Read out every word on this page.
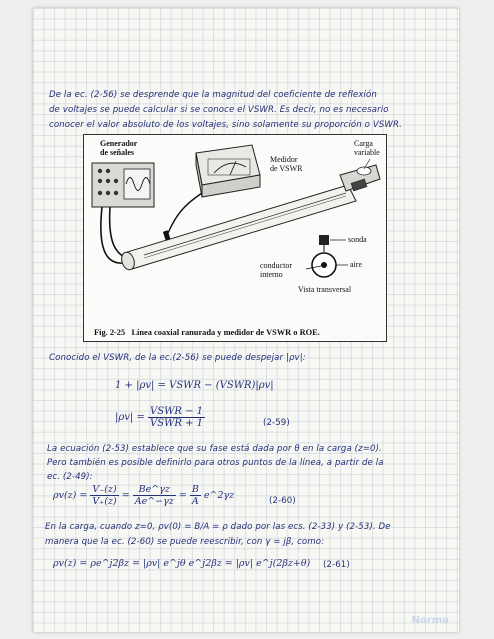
De la ec. (2-56) se desprende que la magnitud del coeficiente de reflexión
de voltajes se puede calcular si se conoce el VSWR. Es decir, no es necesario
conocer el valor absoluto de los voltajes, sino solamente su proporción o VSWR.
Generador
de señales
Medidor
de VSWR
Carga
variable
sonda
aire
conductor
interno
Vista transversal
Fig. 2-25 Línea coaxial ranurada y medidor de VSWR o ROE.
Conocido el VSWR, de la ec.(2-56) se puede despejar |ρv|:
1 + |ρv| = VSWR − (VSWR)|ρv|
$|\rho v| = \frac{\text{VSWR − 1}}{\text{VSWR + 1}}$	(2-59)
La ecuación (2-53) establece que su fase está dada por θ en la carga (z=0).
Pero también es posible definirlo para otros puntos de la línea, a partir de la
ec. (2-49):
$\rho v(z) = \frac{V_-(z)}{V_+(z)} = \frac{Be\^{}\gamma z}{Ae\^{}-\gamma z} = \frac{B}{A}$ e^2γz	(2-60)
En la carga, cuando z=0, ρv(0) = B/A = ρ dado por las ecs. (2-33) y (2-53). De
manera que la ec. (2-60) se puede reescribir, con γ = jβ, como:
ρv(z) = ρe^j2βz = |ρv| e^jθ e^j2βz = |ρv| e^j(2βz+θ) (2-61)
Norma
